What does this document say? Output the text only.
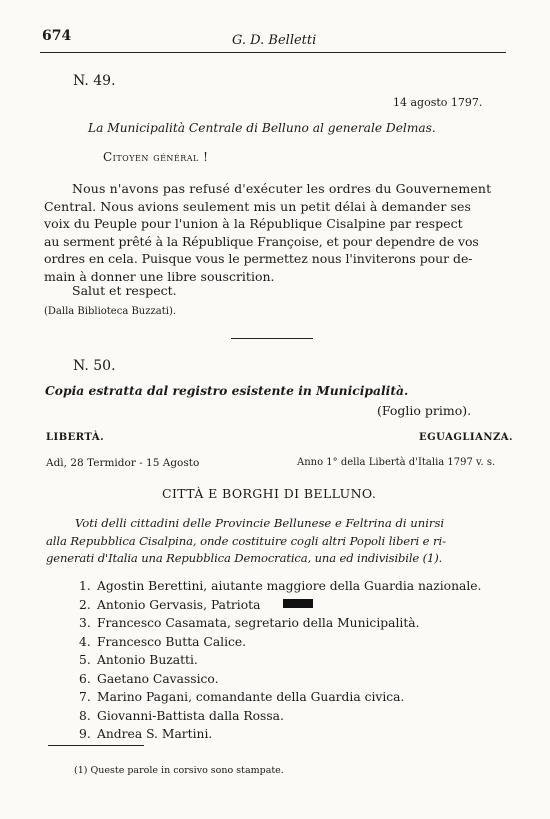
674	G. D. Belletti
N. 49.
14 agosto 1797.
La Municipalità Centrale di Belluno al generale Delmas.
Citoyen général !

Nous n'avons pas refusé d'exécuter les ordres du Gouvernement

Central. Nous avions seulement mis un petit délai à demander ses

voix du Peuple pour l'union à la République Cisalpine par respect

au serment prêté à la République Françoise, et pour dependre de vos

ordres en cela. Puisque vous le permettez nous l'inviterons pour de-

main à donner une libre souscrition.

Salut et respect.
(Dalla Biblioteca Buzzati).
N. 50.
Copia estratta dal registro esistente in Municipalità.
(Foglio primo).
LIBERTÀ.	EGUAGLIANZA.
Adì, 28 Termidor - 15 Agosto	Anno 1° della Libertà d'Italia 1797 v. s.
CITTÀ E BORGHI DI BELLUNO.

Voti delli cittadini delle Provincie Bellunese e Feltrina di unirsi

alla Repubblica Cisalpina, onde costituire cogli altri Popoli liberi e ri-

generati d'Italia una Repubblica Democratica, una ed indivisibile (1).

1. Agostin Berettini, aiutante maggiore della Guardia nazionale.
2. Antonio Gervasis, Patriota
3. Francesco Casamata, segretario della Municipalità.
4. Francesco Butta Calice.
5. Antonio Buzatti.
6. Gaetano Cavassico.
7. Marino Pagani, comandante della Guardia civica.
8. Giovanni-Battista dalla Rossa.
9. Andrea S. Martini.
(1) Queste parole in corsivo sono stampate.
